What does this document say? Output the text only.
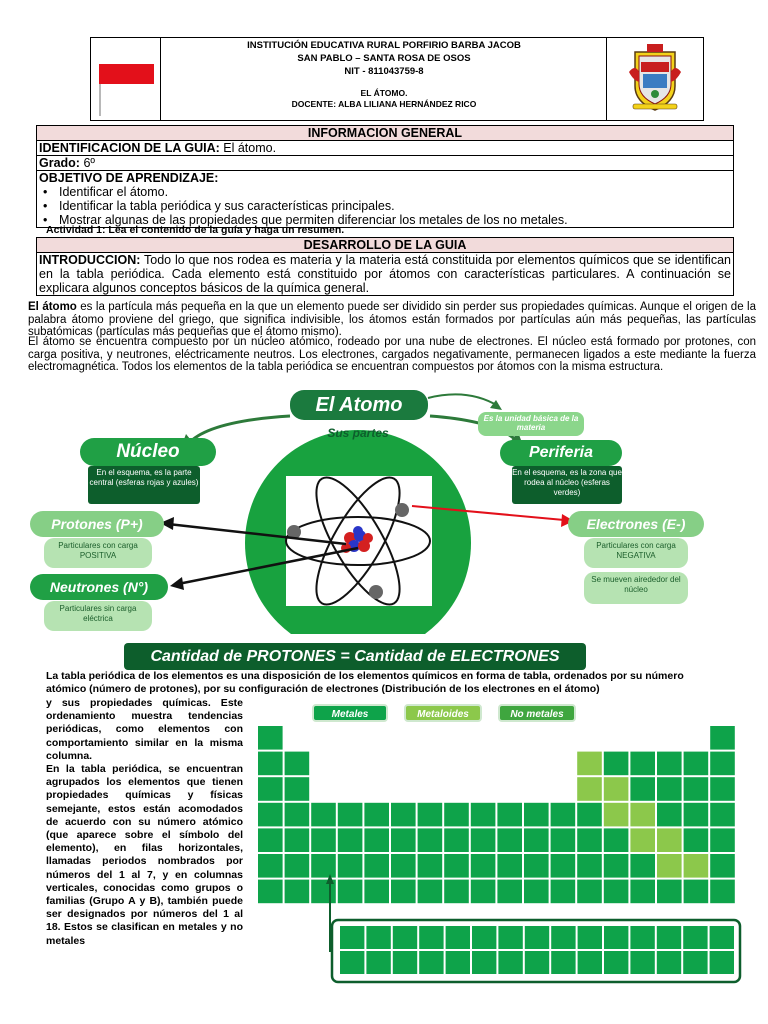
INSTITUCIÓN EDUCATIVA RURAL PORFIRIO BARBA JACOB
SAN PABLO – SANTA ROSA DE OSOS
NIT - 811043759-8
EL ÁTOMO.
DOCENTE: ALBA LILIANA HERNÁNDEZ RICO
INFORMACION GENERAL
IDENTIFICACION DE LA GUIA: El átomo.
Grado: 6º
OBJETIVO DE APRENDIZAJE:
• Identificar el átomo.
• Identificar la tabla periódica y sus características principales.
• Mostrar algunas de las propiedades que permiten diferenciar los metales de los no metales.
Actividad 1: Lea el contenido de la guía y haga un resumen.
DESARROLLO DE LA GUIA
INTRODUCCION: Todo lo que nos rodea es materia y la materia está constituida por elementos químicos que se identifican en la tabla periódica. Cada elemento está constituido por átomos con características particulares. A continuación se explicara algunos conceptos básicos de la química general.
El átomo es la partícula más pequeña en la que un elemento puede ser dividido sin perder sus propiedades químicas. Aunque el origen de la palabra átomo proviene del griego, que significa indivisible, los átomos están formados por partículas aún más pequeñas, las partículas subatómicas (partículas más pequeñas que el átomo mismo).
El átomo se encuentra compuesto por un núcleo atómico, rodeado por una nube de electrones. El núcleo está formado por protones, con carga positiva, y neutrones, eléctricamente neutros. Los electrones, cargados negativamente, permanecen ligados a este mediante la fuerza electromagnética. Todos los elementos de la tabla periódica se encuentran compuestos por átomos con la misma estructura.
El Atomo
Sus partes
Es la unidad básica de la materia
Núcleo
En el esquema, es la parte central (esferas rojas y azules)
Periferia
En el esquema, es la zona que rodea al núcleo (esferas verdes)
Protones (P+)
Particulares con carga POSITIVA
Neutrones (N°)
Particulares sin carga eléctrica
Electrones (E-)
Particulares con carga NEGATIVA
Se mueven airededor del núcleo
Cantidad de PROTONES = Cantidad de ELECTRONES
La tabla periódica de los elementos es una disposición de los elementos químicos en forma de tabla, ordenados por su número atómico (número de protones), por su configuración de electrones (Distribución de los electrones en el átomo)
y sus propiedades químicas. Este ordenamiento muestra tendencias periódicas, como elementos con comportamiento similar en la misma columna.
En la tabla periódica, se encuentran agrupados los elementos que tienen propiedades químicas y físicas semejante, estos están acomodados de acuerdo con su número atómico (que aparece sobre el símbolo del elemento), en filas horizontales, llamadas periodos nombrados por números del 1 al 7, y en columnas verticales, conocidas como grupos o familias (Grupo A y B), también puede ser designados por números del 1 al 18. Estos se clasifican en metales y no metales
Metales	Metaloides	No metales
